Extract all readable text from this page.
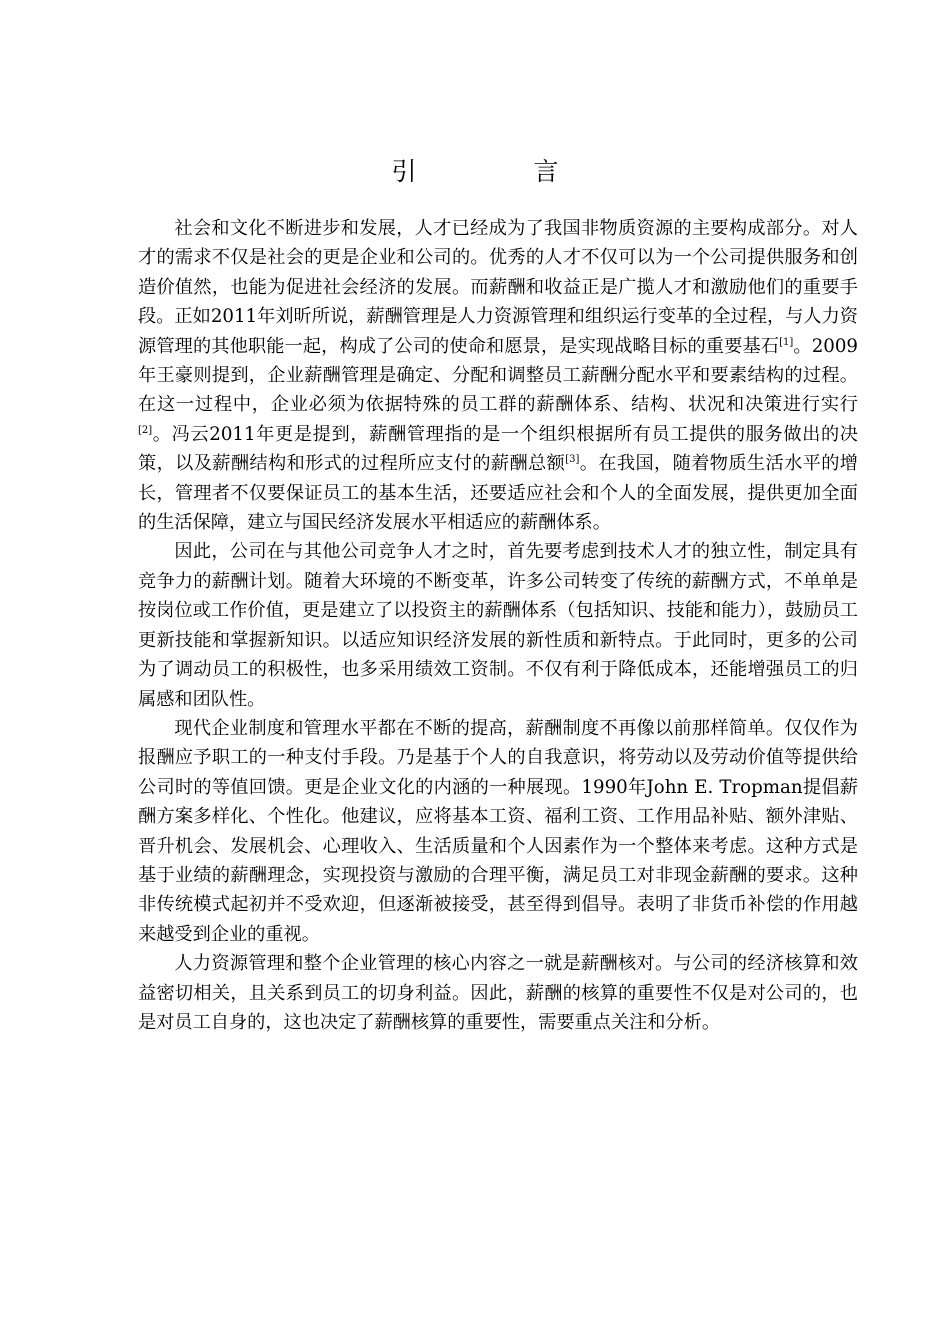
引　言

社会和文化不断进步和发展，人才已经成为了我国非物质资源的主要构成部分。对人才的需求不仅是社会的更是企业和公司的。优秀的人才不仅可以为一个公司提供服务和创造价值然，也能为促进社会经济的发展。而薪酬和收益正是广揽人才和激励他们的重要手段。正如2011年刘昕所说，薪酬管理是人力资源管理和组织运行变革的全过程，与人力资源管理的其他职能一起，构成了公司的使命和愿景，是实现战略目标的重要基石[1]。2009年王豪则提到，企业薪酬管理是确定、分配和调整员工薪酬分配水平和要素结构的过程。在这一过程中，企业必须为依据特殊的员工群的薪酬体系、结构、状况和决策进行实行[2]。冯云2011年更是提到，薪酬管理指的是一个组织根据所有员工提供的服务做出的决策，以及薪酬结构和形式的过程所应支付的薪酬总额[3]。在我国，随着物质生活水平的增长，管理者不仅要保证员工的基本生活，还要适应社会和个人的全面发展，提供更加全面的生活保障，建立与国民经济发展水平相适应的薪酬体系。

因此，公司在与其他公司竞争人才之时，首先要考虑到技术人才的独立性，制定具有竞争力的薪酬计划。随着大环境的不断变革，许多公司转变了传统的薪酬方式，不单单是按岗位或工作价值，更是建立了以投资主的薪酬体系（包括知识、技能和能力），鼓励员工更新技能和掌握新知识。以适应知识经济发展的新性质和新特点。于此同时，更多的公司为了调动员工的积极性，也多采用绩效工资制。不仅有利于降低成本，还能增强员工的归属感和团队性。

现代企业制度和管理水平都在不断的提高，薪酬制度不再像以前那样简单。仅仅作为报酬应予职工的一种支付手段。乃是基于个人的自我意识，将劳动以及劳动价值等提供给公司时的等值回馈。更是企业文化的内涵的一种展现。1990年John E. Tropman提倡薪酬方案多样化、个性化。他建议，应将基本工资、福利工资、工作用品补贴、额外津贴、晋升机会、发展机会、心理收入、生活质量和个人因素作为一个整体来考虑。这种方式是基于业绩的薪酬理念，实现投资与激励的合理平衡，满足员工对非现金薪酬的要求。这种非传统模式起初并不受欢迎，但逐渐被接受，甚至得到倡导。表明了非货币补偿的作用越来越受到企业的重视。

人力资源管理和整个企业管理的核心内容之一就是薪酬核对。与公司的经济核算和效益密切相关，且关系到员工的切身利益。因此，薪酬的核算的重要性不仅是对公司的，也是对员工自身的，这也决定了薪酬核算的重要性，需要重点关注和分析。
